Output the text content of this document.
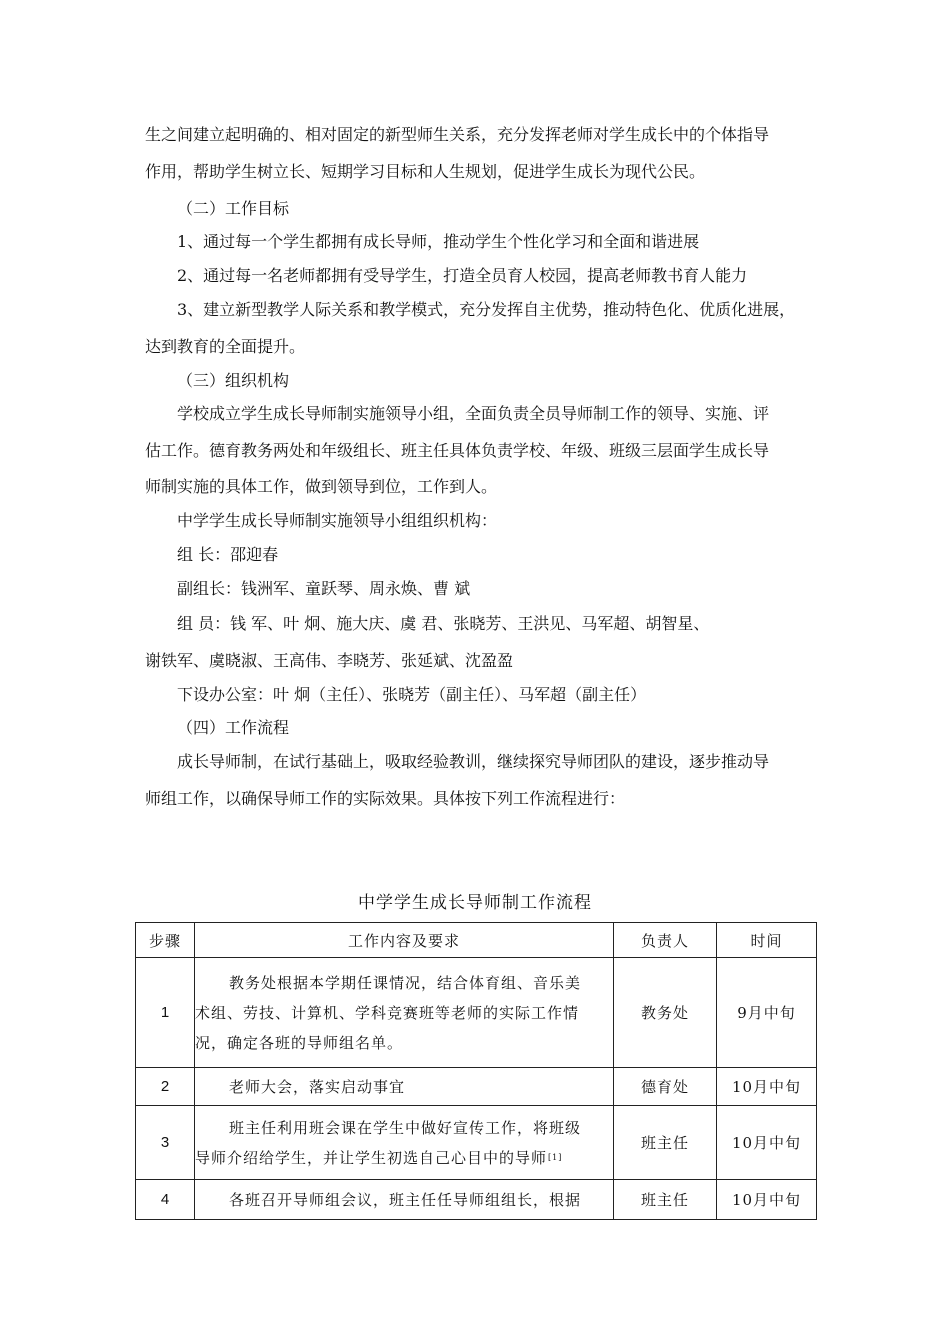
生之间建立起明确的、相对固定的新型师生关系，充分发挥老师对学生成长中的个体指导
作用，帮助学生树立长、短期学习目标和人生规划，促进学生成长为现代公民。
（二）工作目标
1、通过每一个学生都拥有成长导师，推动学生个性化学习和全面和谐进展
2、通过每一名老师都拥有受导学生，打造全员育人校园，提高老师教书育人能力
3、建立新型教学人际关系和教学模式，充分发挥自主优势，推动特色化、优质化进展，
达到教育的全面提升。
（三）组织机构
学校成立学生成长导师制实施领导小组，全面负责全员导师制工作的领导、实施、评
估工作。德育教务两处和年级组长、班主任具体负责学校、年级、班级三层面学生成长导
师制实施的具体工作，做到领导到位，工作到人。
中学学生成长导师制实施领导小组组织机构：
组 长：邵迎春
副组长：钱洲军、童跃琴、周永焕、曹 斌
组 员：钱 军、叶 炯、施大庆、虞 君、张晓芳、王洪见、马军超、胡智星、
谢铁军、虞晓淑、王高伟、李晓芳、张延斌、沈盈盈
下设办公室：叶 炯（主任）、张晓芳（副主任）、马军超（副主任）
（四）工作流程
成长导师制，在试行基础上，吸取经验教训，继续探究导师团队的建设，逐步推动导
师组工作，以确保导师工作的实际效果。具体按下列工作流程进行：
中学学生成长导师制工作流程
步骤	工作内容及要求	负责人	时间
1	教务处根据本学期任课情况，结合体育组、音乐美
术组、劳技、计算机、学科竞赛班等老师的实际工作情
况，确定各班的导师组名单。	教务处	9月中旬
2	老师大会，落实启动事宜	德育处	10月中旬
3	班主任利用班会课在学生中做好宣传工作，将班级
导师介绍给学生，并让学生初选自己心目中的导师[1]	班主任	10月中旬
4	各班召开导师组会议，班主任任导师组组长，根据	班主任	10月中旬
